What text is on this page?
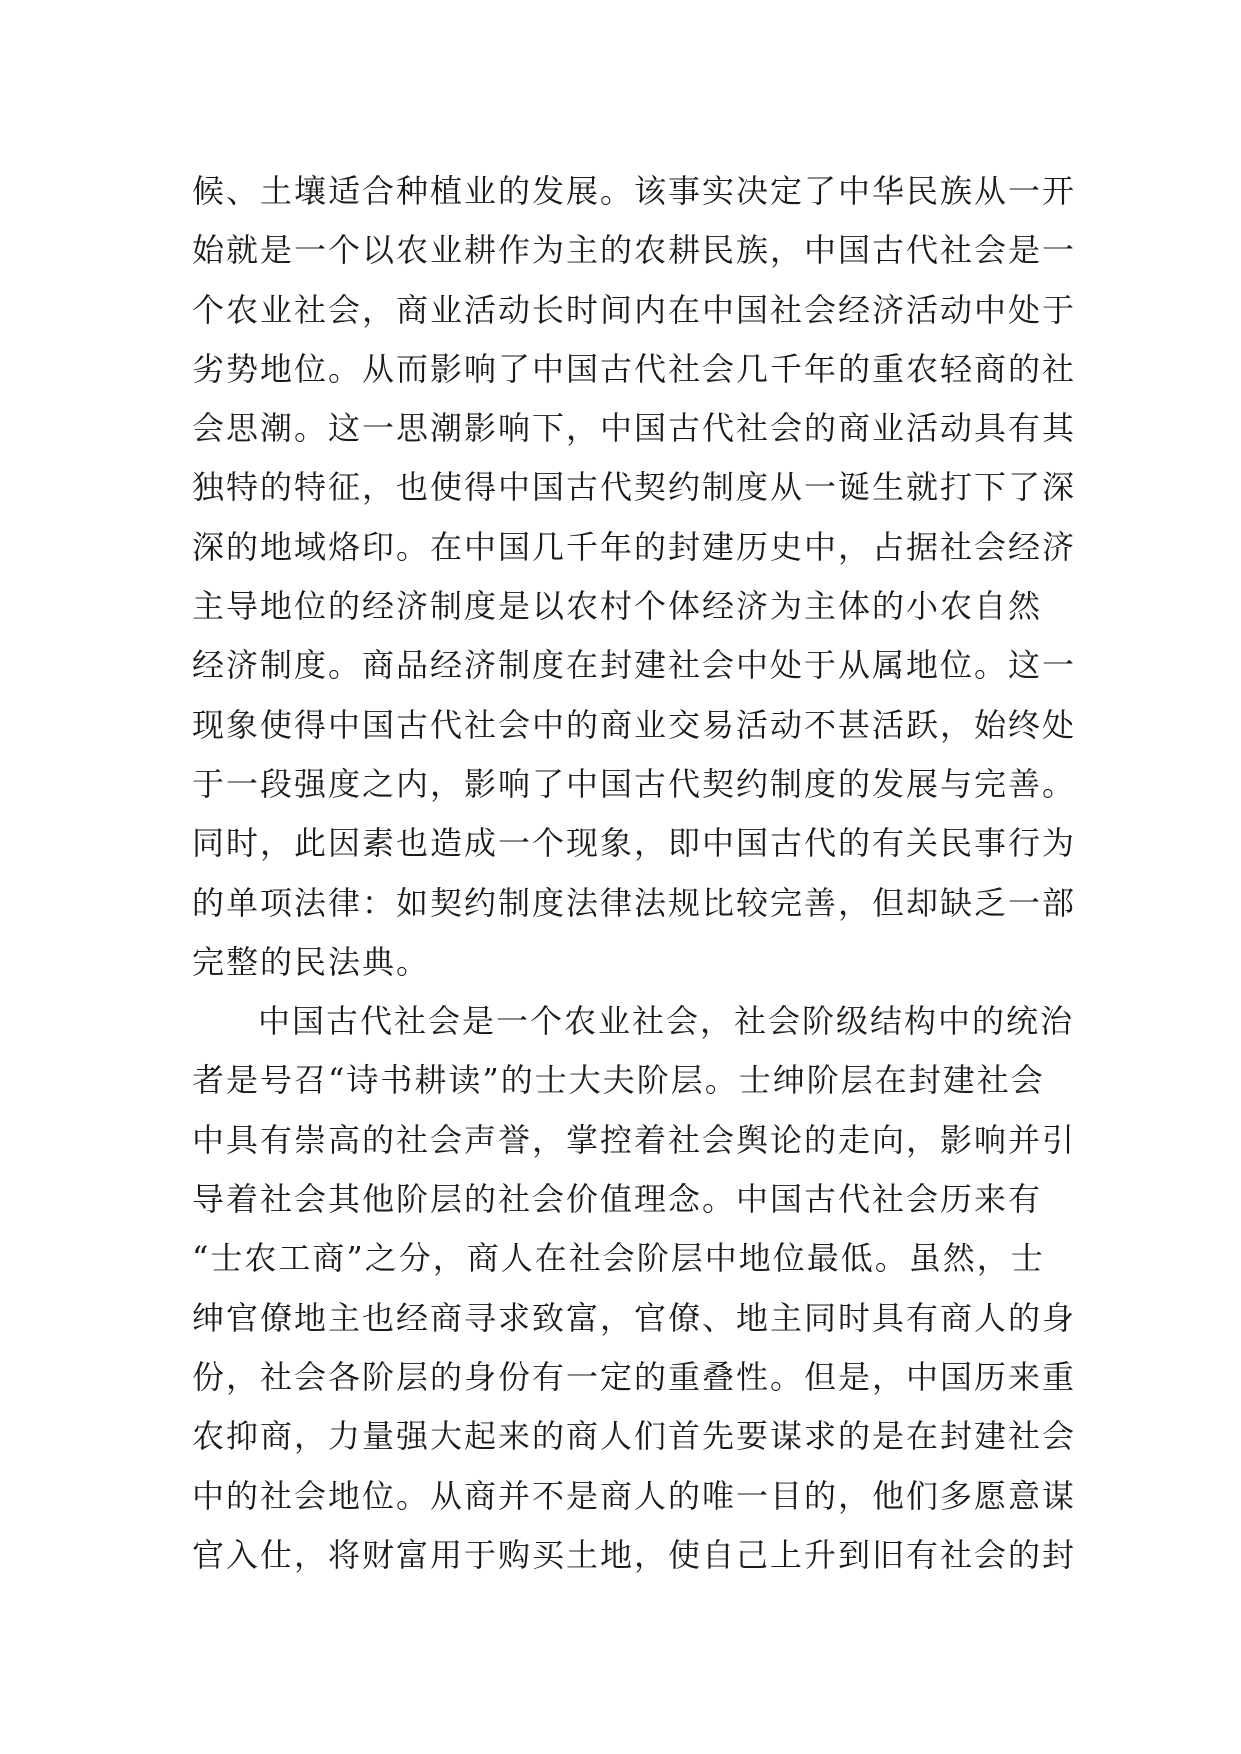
候、土壤适合种植业的发展。该事实决定了中华民族从一开
始就是一个以农业耕作为主的农耕民族，中国古代社会是一
个农业社会，商业活动长时间内在中国社会经济活动中处于
劣势地位。从而影响了中国古代社会几千年的重农轻商的社
会思潮。这一思潮影响下，中国古代社会的商业活动具有其
独特的特征，也使得中国古代契约制度从一诞生就打下了深
深的地域烙印。在中国几千年的封建历史中，占据社会经济
主导地位的经济制度是以农村个体经济为主体的小农自然
经济制度。商品经济制度在封建社会中处于从属地位。这一
现象使得中国古代社会中的商业交易活动不甚活跃，始终处
于一段强度之内，影响了中国古代契约制度的发展与完善。
同时，此因素也造成一个现象，即中国古代的有关民事行为
的单项法律：如契约制度法律法规比较完善，但却缺乏一部
完整的民法典。
中国古代社会是一个农业社会，社会阶级结构中的统治
者是号召“诗书耕读”的士大夫阶层。士绅阶层在封建社会
中具有崇高的社会声誉，掌控着社会舆论的走向，影响并引
导着社会其他阶层的社会价值理念。中国古代社会历来有
“士农工商”之分，商人在社会阶层中地位最低。虽然，士
绅官僚地主也经商寻求致富，官僚、地主同时具有商人的身
份，社会各阶层的身份有一定的重叠性。但是，中国历来重
农抑商，力量强大起来的商人们首先要谋求的是在封建社会
中的社会地位。从商并不是商人的唯一目的，他们多愿意谋
官入仕，将财富用于购买土地，使自己上升到旧有社会的封
